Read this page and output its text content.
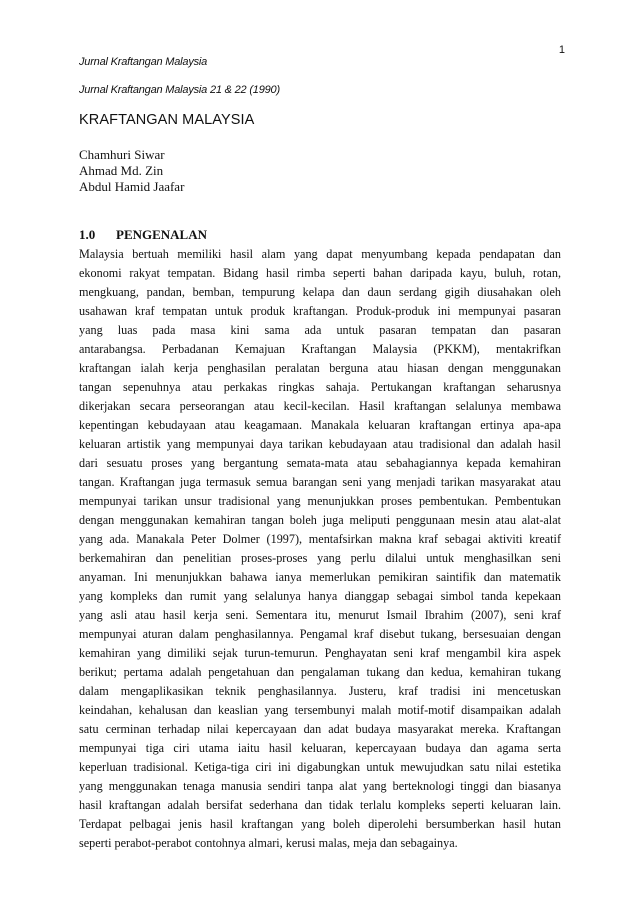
1
Jurnal Kraftangan Malaysia
Jurnal Kraftangan Malaysia 21 & 22 (1990)
KRAFTANGAN MALAYSIA
Chamhuri Siwar
Ahmad Md. Zin
Abdul Hamid Jaafar
1.0 PENGENALAN
Malaysia bertuah memiliki hasil alam yang dapat menyumbang kepada pendapatan dan
ekonomi rakyat tempatan. Bidang hasil rimba seperti bahan daripada kayu, buluh, rotan,
mengkuang, pandan, bemban, tempurung kelapa dan daun serdang gigih diusahakan oleh
usahawan kraf tempatan untuk produk kraftangan. Produk-produk ini mempunyai pasaran
yang luas pada masa kini sama ada untuk pasaran tempatan dan pasaran
antarabangsa. Perbadanan Kemajuan Kraftangan Malaysia (PKKM), mentakrifkan
kraftangan ialah kerja penghasilan peralatan berguna atau hiasan dengan menggunakan
tangan sepenuhnya atau perkakas ringkas sahaja. Pertukangan kraftangan seharusnya
dikerjakan secara perseorangan atau kecil-kecilan. Hasil kraftangan selalunya membawa
kepentingan kebudayaan atau keagamaan. Manakala keluaran kraftangan ertinya apa-apa
keluaran artistik yang mempunyai daya tarikan kebudayaan atau tradisional dan adalah hasil
dari sesuatu proses yang bergantung semata-mata atau sebahagiannya kepada kemahiran
tangan. Kraftangan juga termasuk semua barangan seni yang menjadi tarikan masyarakat atau
mempunyai tarikan unsur tradisional yang menunjukkan proses pembentukan. Pembentukan
dengan menggunakan kemahiran tangan boleh juga meliputi penggunaan mesin atau alat-alat
yang ada. Manakala Peter Dolmer (1997), mentafsirkan makna kraf sebagai aktiviti kreatif
berkemahiran dan penelitian proses-proses yang perlu dilalui untuk menghasilkan seni
anyaman. Ini menunjukkan bahawa ianya memerlukan pemikiran saintifik dan matematik
yang kompleks dan rumit yang selalunya hanya dianggap sebagai simbol tanda kepekaan
yang asli atau hasil kerja seni. Sementara itu, menurut Ismail Ibrahim (2007), seni kraf
mempunyai aturan dalam penghasilannya. Pengamal kraf disebut tukang, bersesuaian dengan
kemahiran yang dimiliki sejak turun-temurun. Penghayatan seni kraf mengambil kira aspek
berikut; pertama adalah pengetahuan dan pengalaman tukang dan kedua, kemahiran tukang
dalam mengaplikasikan teknik penghasilannya. Justeru, kraf tradisi ini mencetuskan
keindahan, kehalusan dan keaslian yang tersembunyi malah motif-motif disampaikan adalah
satu cerminan terhadap nilai kepercayaan dan adat budaya masyarakat mereka. Kraftangan
mempunyai tiga ciri utama iaitu hasil keluaran, kepercayaan budaya dan agama serta
keperluan tradisional. Ketiga-tiga ciri ini digabungkan untuk mewujudkan satu nilai estetika
yang menggunakan tenaga manusia sendiri tanpa alat yang berteknologi tinggi dan biasanya
hasil kraftangan adalah bersifat sederhana dan tidak terlalu kompleks seperti keluaran lain.
Terdapat pelbagai jenis hasil kraftangan yang boleh diperolehi bersumberkan hasil hutan
seperti perabot-perabot contohnya almari, kerusi malas, meja dan sebagainya.
